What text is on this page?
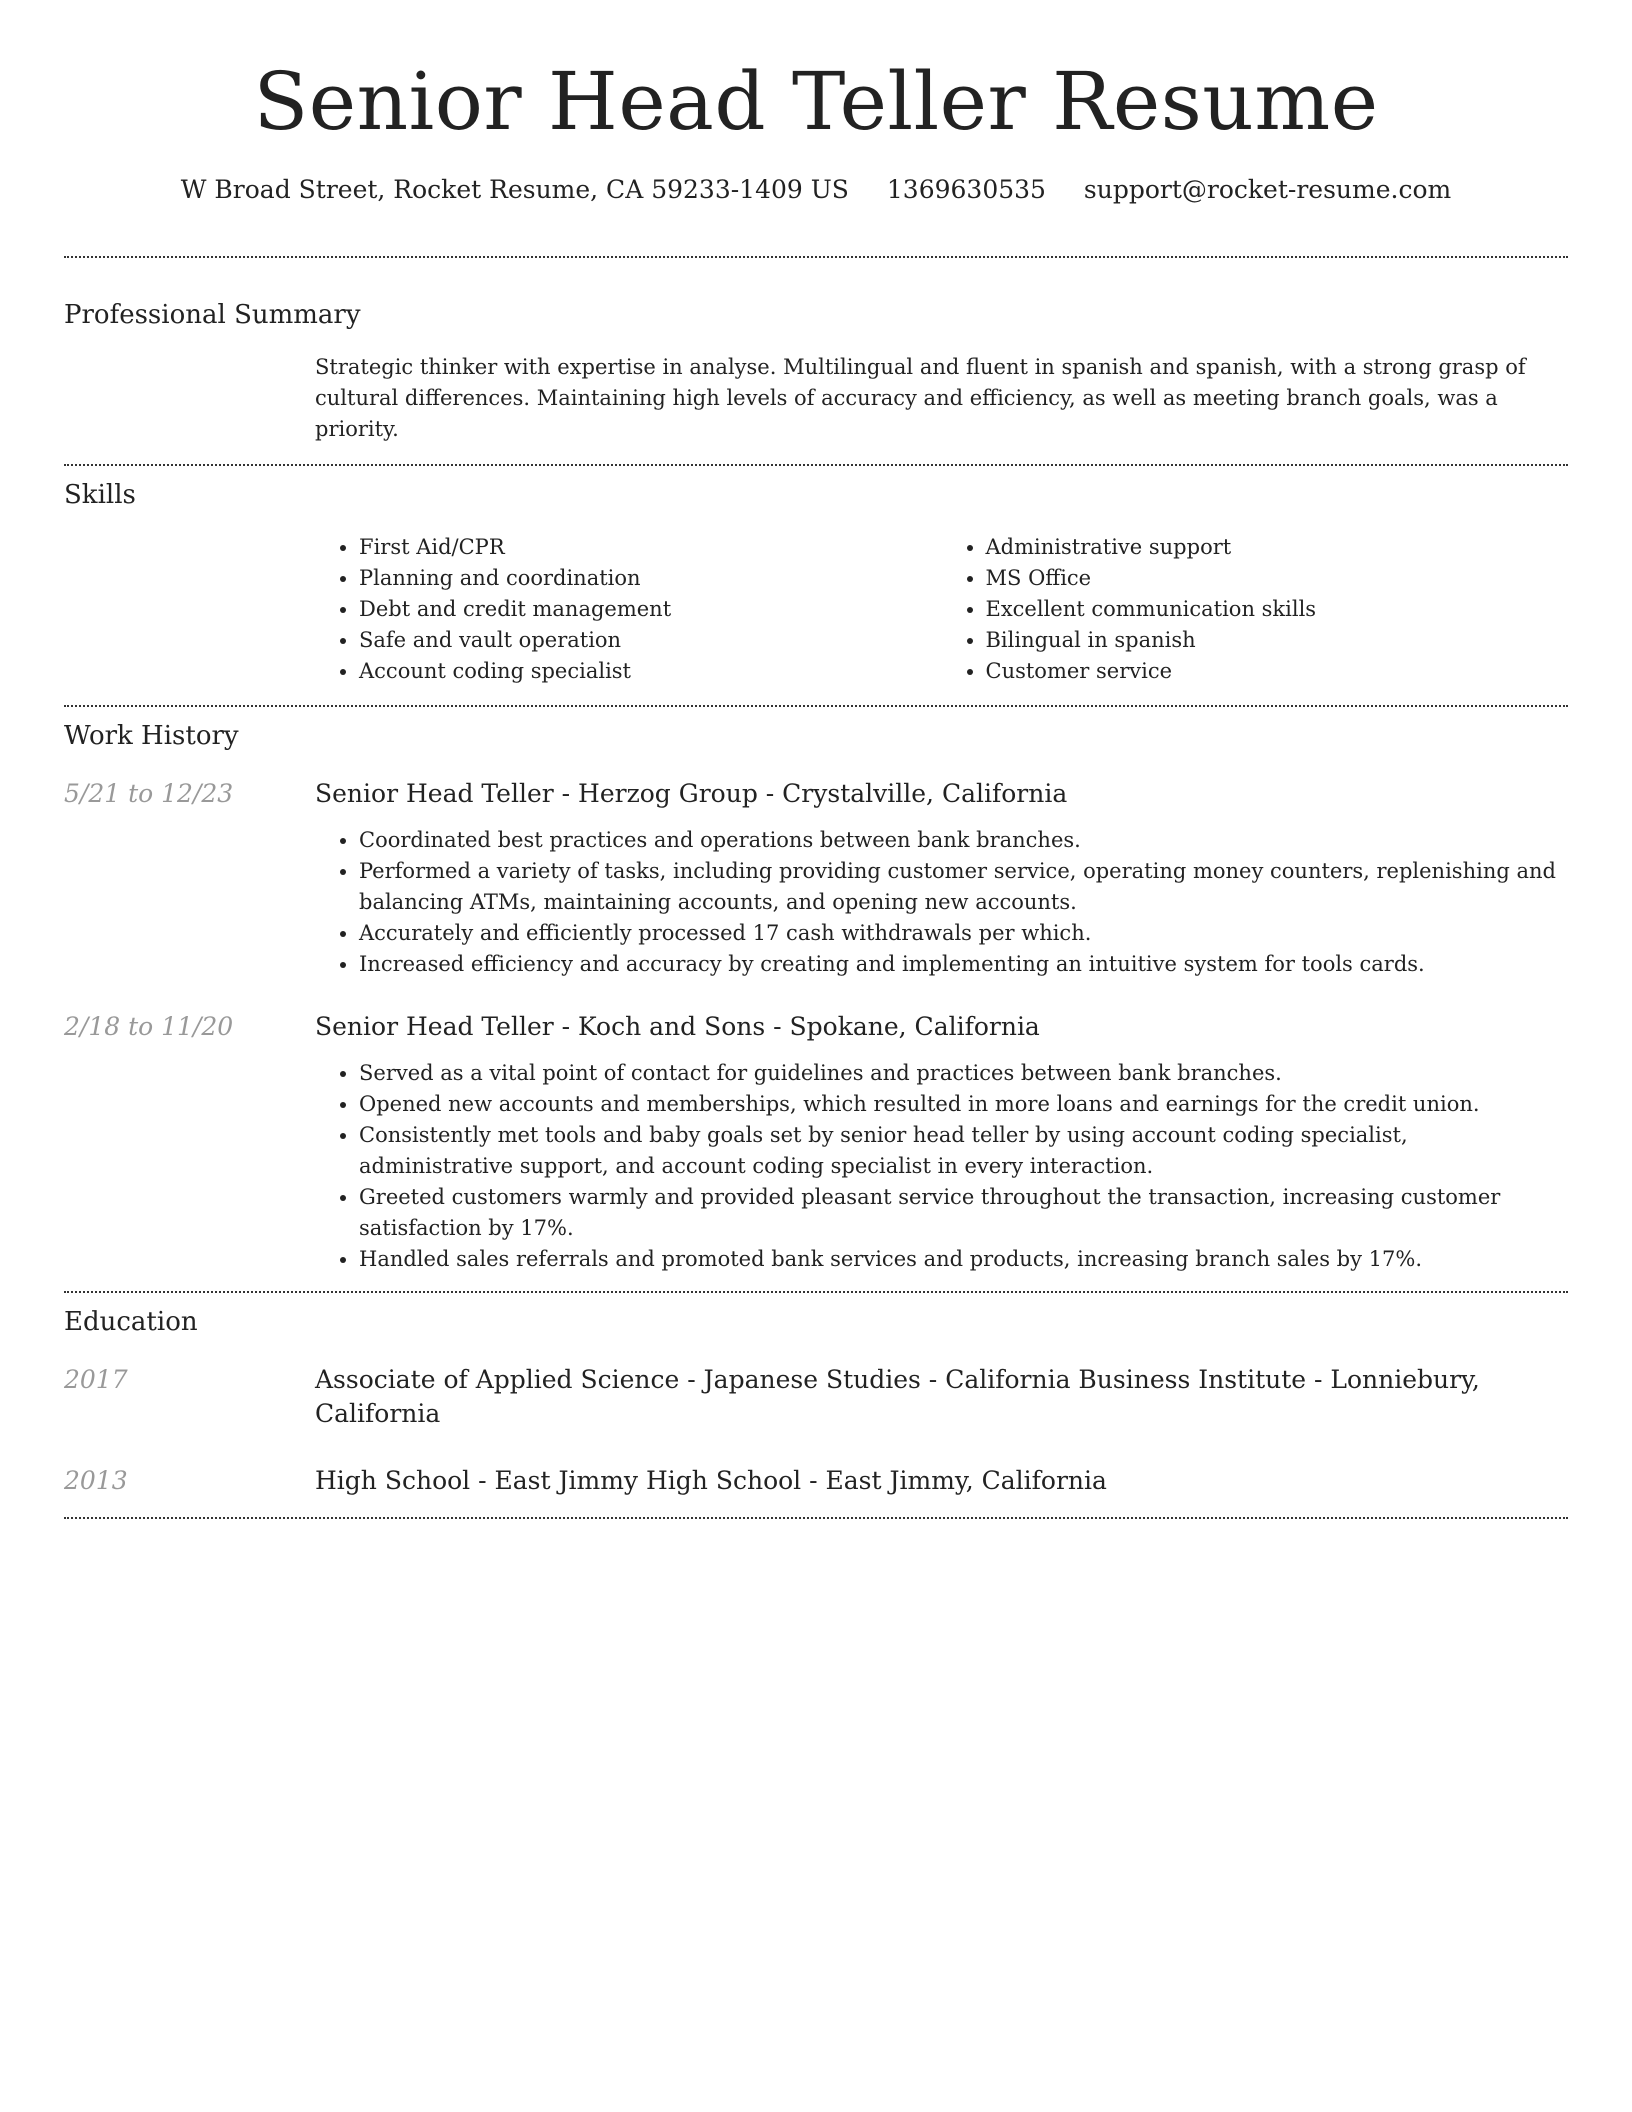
Senior Head Teller Resume
W Broad Street, Rocket Resume, CA 59233-1409 US 1369630535 support@rocket-resume.com
Professional Summary

Strategic thinker with expertise in analyse. Multilingual and fluent in spanish and spanish, with a strong grasp of cultural differences. Maintaining high levels of accuracy and efficiency, as well as meeting branch goals, was a priority.

Skills
• First Aid/CPR
• Planning and coordination
• Debt and credit management
• Safe and vault operation
• Account coding specialist
• Administrative support
• MS Office
• Excellent communication skills
• Bilingual in spanish
• Customer service
Work History
5/21 to 12/23	Senior Head Teller - Herzog Group - Crystalville, California

• Coordinated best practices and operations between bank branches.
• Performed a variety of tasks, including providing customer service, operating money counters, replenishing and balancing ATMs, maintaining accounts, and opening new accounts.
• Accurately and efficiently processed 17 cash withdrawals per which.
• Increased efficiency and accuracy by creating and implementing an intuitive system for tools cards.
2/18 to 11/20	Senior Head Teller - Koch and Sons - Spokane, California

• Served as a vital point of contact for guidelines and practices between bank branches.
• Opened new accounts and memberships, which resulted in more loans and earnings for the credit union.
• Consistently met tools and baby goals set by senior head teller by using account coding specialist, administrative support, and account coding specialist in every interaction.
• Greeted customers warmly and provided pleasant service throughout the transaction, increasing customer satisfaction by 17%.
• Handled sales referrals and promoted bank services and products, increasing branch sales by 17%.
Education
2017	Associate of Applied Science - Japanese Studies - California Business Institute - Lonniebury, California

2013	High School - East Jimmy High School - East Jimmy, California
